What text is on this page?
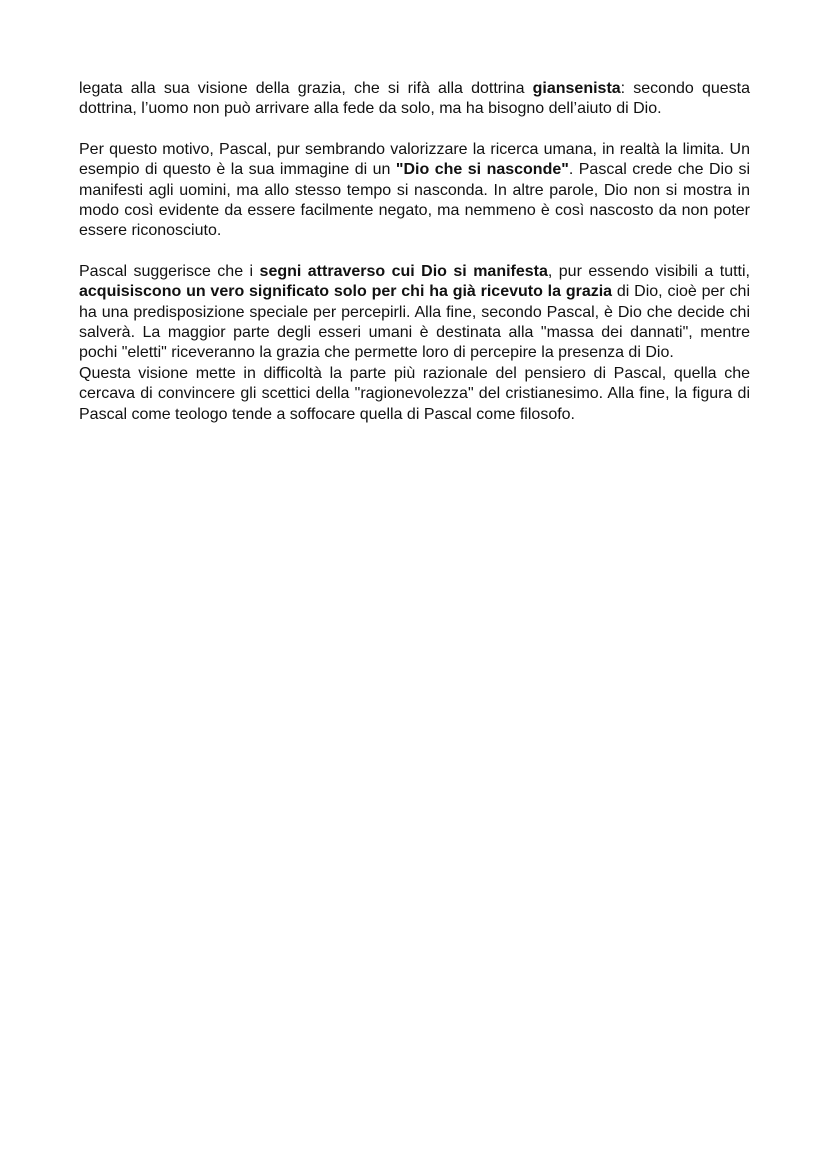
legata alla sua visione della grazia, che si rifà alla dottrina giansenista: secondo questa dottrina, l’uomo non può arrivare alla fede da solo, ma ha bisogno dell’aiuto di Dio.

Per questo motivo, Pascal, pur sembrando valorizzare la ricerca umana, in realtà la limita. Un esempio di questo è la sua immagine di un "Dio che si nasconde". Pascal crede che Dio si manifesti agli uomini, ma allo stesso tempo si nasconda. In altre parole, Dio non si mostra in modo così evidente da essere facilmente negato, ma nemmeno è così nascosto da non poter essere riconosciuto.

Pascal suggerisce che i segni attraverso cui Dio si manifesta, pur essendo visibili a tutti, acquisiscono un vero significato solo per chi ha già ricevuto la grazia di Dio, cioè per chi ha una predisposizione speciale per percepirli. Alla fine, secondo Pascal, è Dio che decide chi salverà. La maggior parte degli esseri umani è destinata alla "massa dei dannati", mentre pochi "eletti" riceveranno la grazia che permette loro di percepire la presenza di Dio.

Questa visione mette in difficoltà la parte più razionale del pensiero di Pascal, quella che cercava di convincere gli scettici della "ragionevolezza" del cristianesimo. Alla fine, la figura di Pascal come teologo tende a soffocare quella di Pascal come filosofo.
